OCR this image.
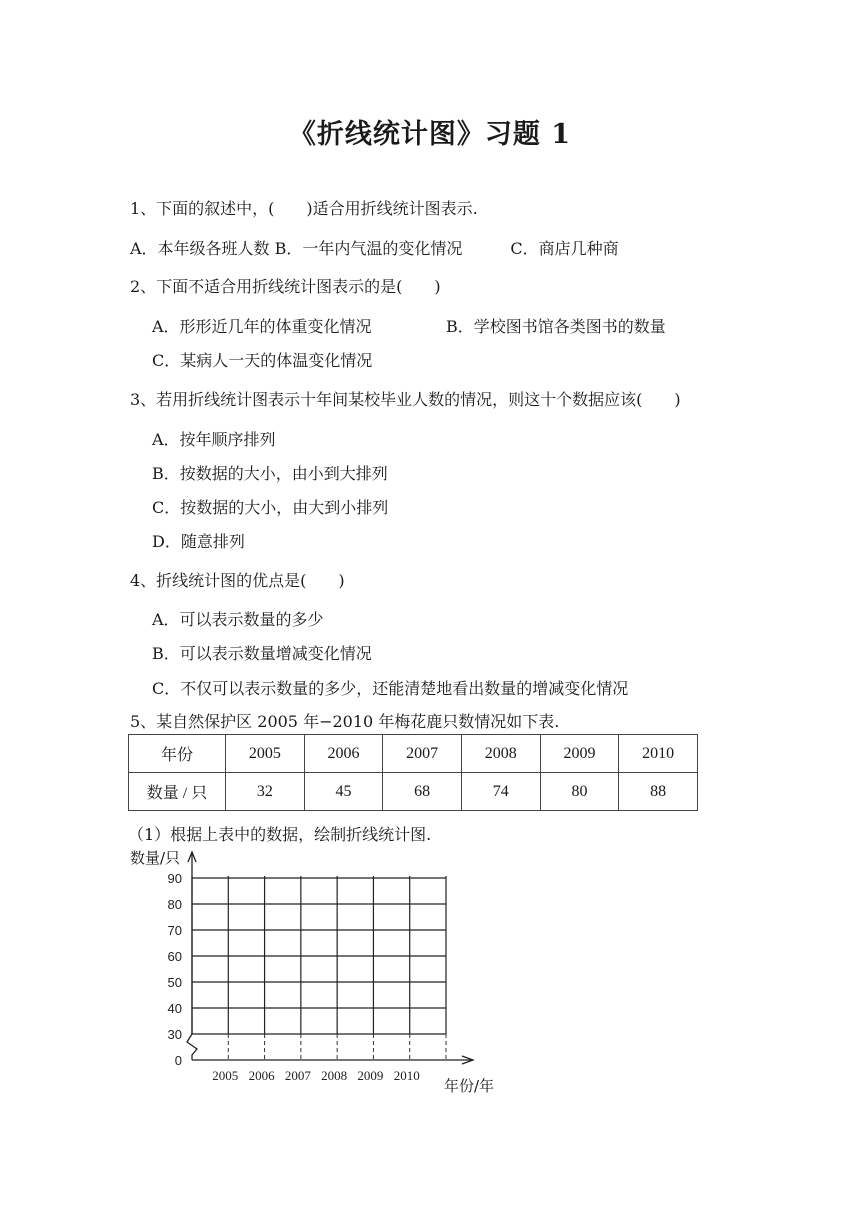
《折线统计图》习题 1
1、下面的叙述中，(　　)适合用折线统计图表示.
A．本年级各班人数 B．一年内气温的变化情况　　　C．商店几种商
2、下面不适合用折线统计图表示的是(　　)
A．形形近几年的体重变化情况	B．学校图书馆各类图书的数量
C．某病人一天的体温变化情况
3、若用折线统计图表示十年间某校毕业人数的情况，则这十个数据应该(　　)
A．按年顺序排列
B．按数据的大小，由小到大排列
C．按数据的大小，由大到小排列
D．随意排列
4、折线统计图的优点是(　　)
A．可以表示数量的多少
B．可以表示数量增减变化情况
C．不仅可以表示数量的多少，还能清楚地看出数量的增减变化情况
5、某自然保护区 2005 年−2010 年梅花鹿只数情况如下表.
年份	2005	2006	2007	2008	2009	2010
数量 / 只	32	45	68	74	80	88
（1）根据上表中的数据，绘制折线统计图.
数量/只
年份/年
0
30
40
50
60
70
80
90
2005 2006 2007 2008 2009 2010
